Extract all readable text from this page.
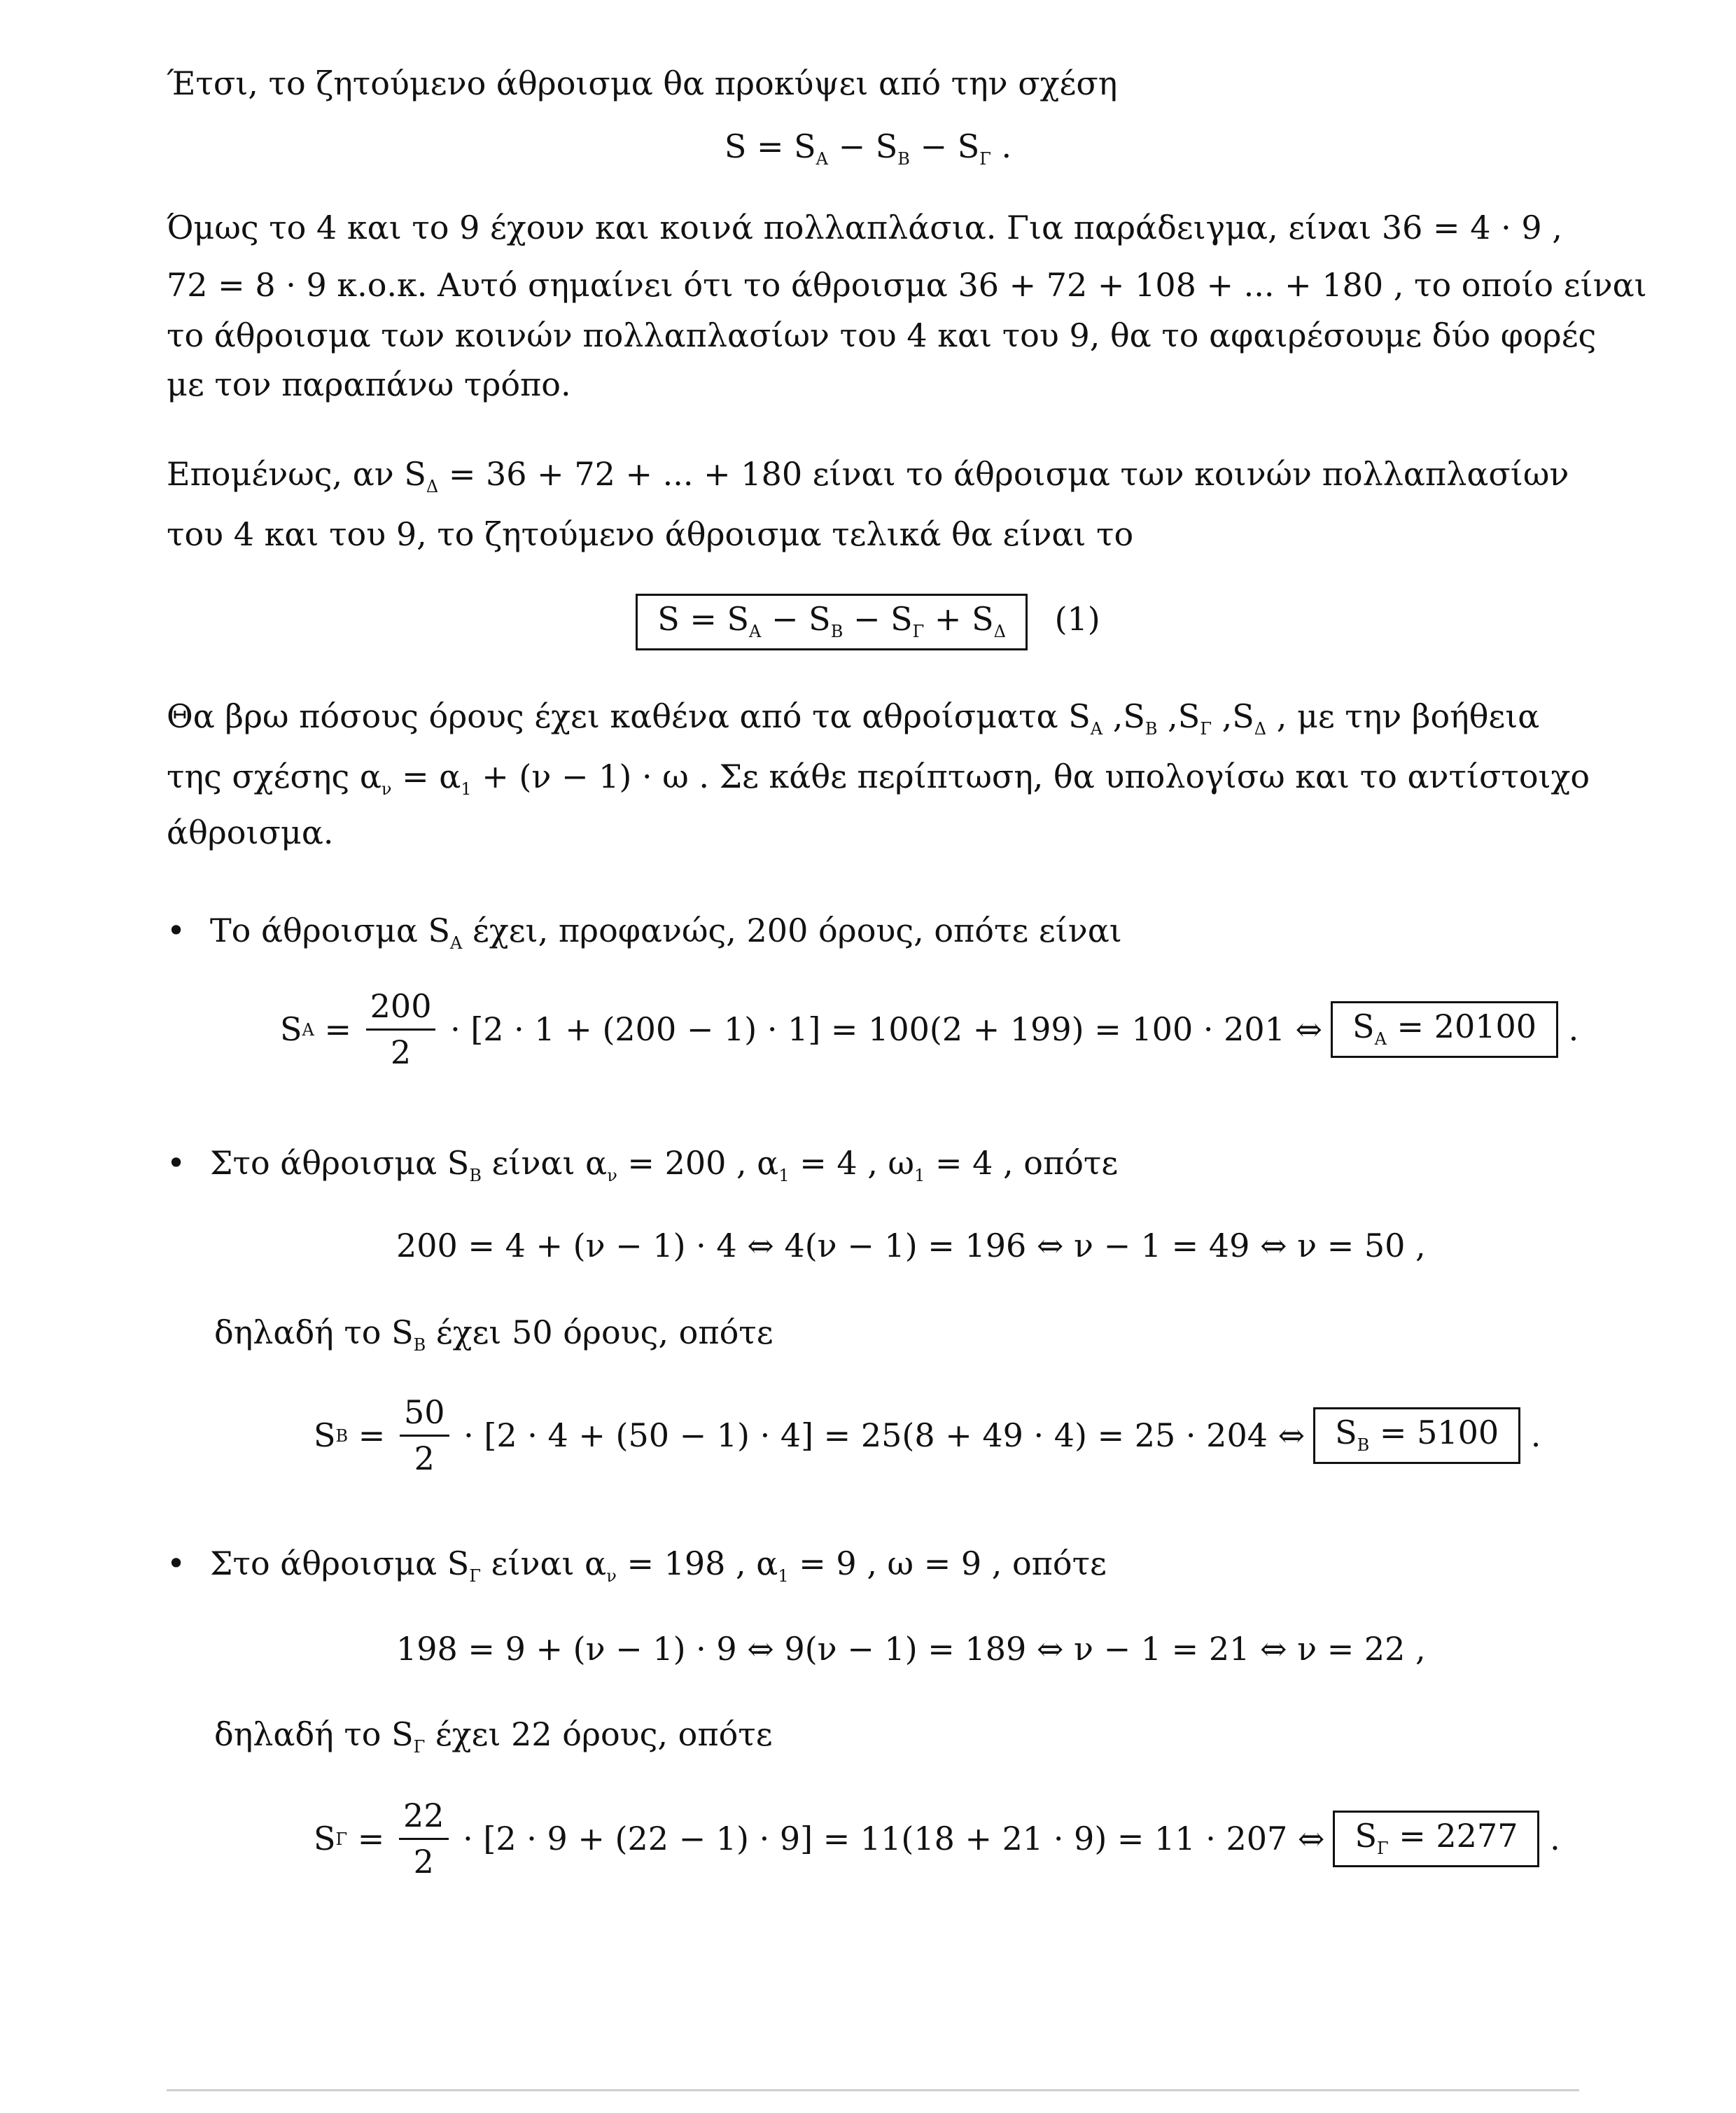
Έτσι, το ζητούμενο άθροισμα θα προκύψει από την σχέση
$S = S_A - S_B - S_\Gamma$ .
Όμως το 4 και το 9 έχουν και κοινά πολλαπλάσια. Για παράδειγμα, είναι 36 = 4 · 9 ,
72 = 8 · 9 κ.ο.κ. Αυτό σημαίνει ότι το άθροισμα 36 + 72 + 108 + ... + 180 , το οποίο είναι
το άθροισμα των κοινών πολλαπλασίων του 4 και του 9, θα το αφαιρέσουμε δύο φορές
με τον παραπάνω τρόπο.
Επομένως, αν $S_\Delta = 36 + 72$ + ... + 180 είναι το άθροισμα των κοινών πολλαπλασίων
του 4 και του 9, το ζητούμενο άθροισμα τελικά θα είναι το
$S = S_A - S_B - S_\Gamma + S_\Delta$ (1)
Θα βρω πόσους όρους έχει καθένα από τα αθροίσματα $S_A$ $,S_B$ $,S_\Gamma$ $,S_\Delta$ , με την βοήθεια
της σχέσης $\alpha_\nu = \alpha_1 + (\nu - 1) \cdot \omega$ . Σε κάθε περίπτωση, θα υπολογίσω και το αντίστοιχο
άθροισμα.
• Το άθροισμα $S_A$ έχει, προφανώς, 200 όρους, οπότε είναι
S $A = \frac{200}{2} \cdot [2 \cdot 1 + (200 - 1) \cdot 1] = 100(2 + 199) = 100 \cdot 201$ ⇔ $S_A = 20100$ .
• Στο άθροισμα $S_B$ είναι $\alpha_\nu = 200$ , $\alpha_1 = 4$ , $\omega_1 = 4$ , οπότε
200 = 4 + (ν − 1) · 4 ⇔ 4(ν − 1) = 196 ⇔ ν − 1 = 49 ⇔ ν = 50 ,
δηλαδή το $S_B$ έχει 50 όρους, οπότε
S $B = \frac{50}{2} \cdot [2 \cdot 4 + (50 - 1) \cdot 4] = 25(8 + 49 \cdot 4) = 25 \cdot 204$ ⇔ $S_B = 5100$ .
• Στο άθροισμα $S_\Gamma$ είναι $\alpha_\nu = 198$ , $\alpha_1 = 9$ , ω = 9 , οπότε
198 = 9 + (ν − 1) · 9 ⇔ 9(ν − 1) = 189 ⇔ ν − 1 = 21 ⇔ ν = 22 ,
δηλαδή το $S_\Gamma$ έχει 22 όρους, οπότε
S $\Gamma = \frac{22}{2} \cdot [2 \cdot 9 + (22 - 1) \cdot 9] = 11(18 + 21 \cdot 9) = 11 \cdot 207$ ⇔ $S_\Gamma = 2277$ .
